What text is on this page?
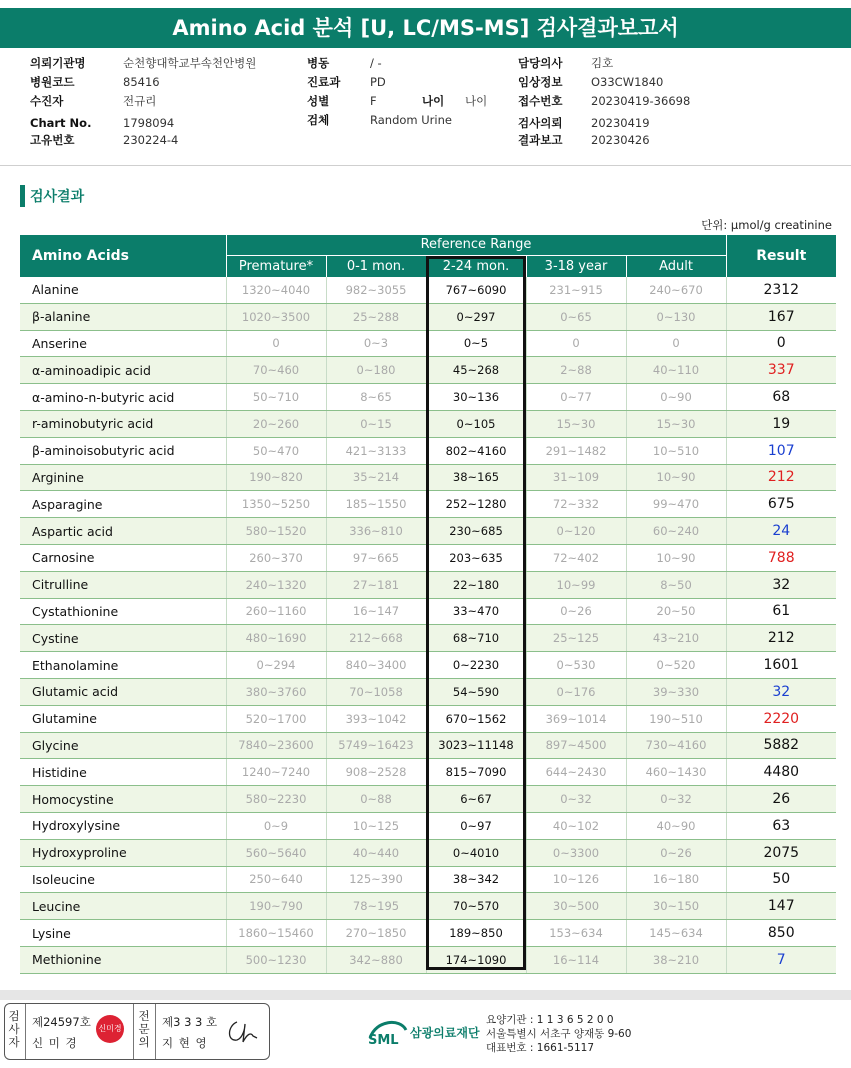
Amino Acid 분석 [U, LC/MS-MS] 검사결과보고서
의뢰기관명	순천향대학교부속천안병원
병원코드	85416
수진자	전규리
Chart No.	1798094
고유번호	230224-4
병동	/ -
진료과	PD
성별	F	나이 나이
검체	Random Urine
담당의사 김호
임상정보 O33CW1840
접수번호 20230419-36698
검사의뢰 20230419
결과보고 20230426
검사결과
단위: μmol/g creatinine
Amino Acids	Reference Range					Result
	Premature*	0-1 mon.	2-24 mon.	3-18 year	Adult	
Alanine	1320~4040	982~3055	767~6090	231~915	240~670	2312
β-alanine	1020~3500	25~288	0~297	0~65	0~130	167
Anserine	0	0~3	0~5	0	0	0
α-aminoadipic acid	70~460	0~180	45~268	2~88	40~110	337
α-amino-n-butyric acid	50~710	8~65	30~136	0~77	0~90	68
r-aminobutyric acid	20~260	0~15	0~105	15~30	15~30	19
β-aminoisobutyric acid	50~470	421~3133	802~4160	291~1482	10~510	107
Arginine	190~820	35~214	38~165	31~109	10~90	212
Asparagine	1350~5250	185~1550	252~1280	72~332	99~470	675
Aspartic acid	580~1520	336~810	230~685	0~120	60~240	24
Carnosine	260~370	97~665	203~635	72~402	10~90	788
Citrulline	240~1320	27~181	22~180	10~99	8~50	32
Cystathionine	260~1160	16~147	33~470	0~26	20~50	61
Cystine	480~1690	212~668	68~710	25~125	43~210	212
Ethanolamine	0~294	840~3400	0~2230	0~530	0~520	1601
Glutamic acid	380~3760	70~1058	54~590	0~176	39~330	32
Glutamine	520~1700	393~1042	670~1562	369~1014	190~510	2220
Glycine	7840~23600	5749~16423	3023~11148	897~4500	730~4160	5882
Histidine	1240~7240	908~2528	815~7090	644~2430	460~1430	4480
Homocystine	580~2230	0~88	6~67	0~32	0~32	26
Hydroxylysine	0~9	10~125	0~97	40~102	40~90	63
Hydroxyproline	560~5640	40~440	0~4010	0~3300	0~26	2075
Isoleucine	250~640	125~390	38~342	10~126	16~180	50
Leucine	190~790	78~195	70~570	30~500	30~150	147
Lysine	1860~15460	270~1850	189~850	153~634	145~634	850
Methionine	500~1230	342~880	174~1090	16~114	38~210	7
검사자
제24597호
신 미 경
전문의
제3 3 3 호
지 현 영
신미경
SML 삼광의료재단
요양기관 : 1 1 3 6 5 2 0 0
서울특별시 서초구 양재동 9-60
대표번호 : 1661-5117
